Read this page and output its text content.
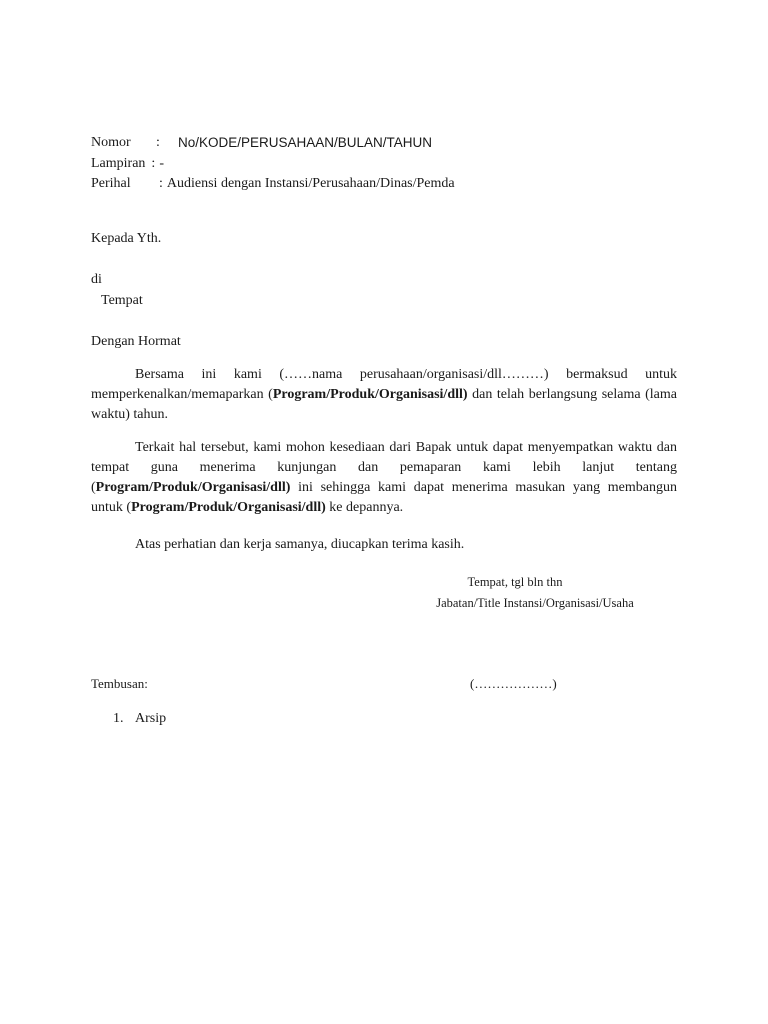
Nomor	:	No/KODE/PERUSAHAAN/BULAN/TAHUN
Lampiran : -
Perihal	: Audiensi dengan Instansi/Perusahaan/Dinas/Pemda
Kepada Yth.
di
Tempat
Dengan Hormat

Bersama ini kami (……nama perusahaan/organisasi/dll………) bermaksud untuk memperkenalkan/memaparkan (Program/Produk/Organisasi/dll) dan telah berlangsung selama (lama waktu) tahun.

Terkait hal tersebut, kami mohon kesediaan dari Bapak untuk dapat menyempatkan waktu dan tempat guna menerima kunjungan dan pemaparan kami lebih lanjut tentang (Program/Produk/Organisasi/dll) ini sehingga kami dapat menerima masukan yang membangun untuk (Program/Produk/Organisasi/dll) ke depannya.

Atas perhatian dan kerja samanya, diucapkan terima kasih.

Tempat, tgl bln thn
Jabatan/Title Instansi/Organisasi/Usaha
Tembusan:	(………………)
1. Arsip
